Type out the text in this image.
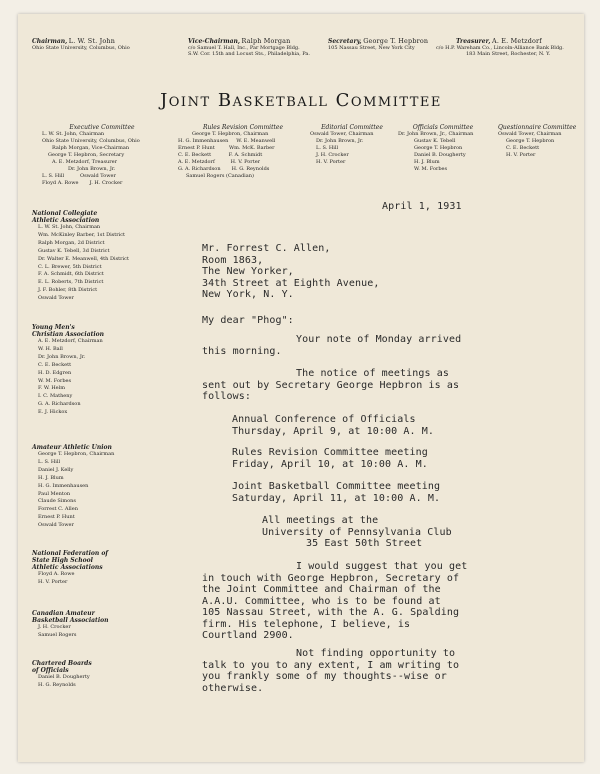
Chairman, L. W. St. John
Ohio State University, Columbus, Ohio
Vice-Chairman, Ralph Morgan
c/o Samuel T. Hall, Inc., Par Mortgage Bldg.
S.W. Cor. 15th and Locust Sts., Philadelphia, Pa.
Secretary, George T. Hepbron
105 Nassau Street, New York City
Treasurer, A. E. Metzdorf
c/o H.P. Wareham Co., Lincoln-Alliance Bank Bldg.
183 Main Street, Rochester, N. Y.
Joint Basketball Committee
Executive Committee
L. W. St. John, Chairman
Ohio State University, Columbus, Ohio
Ralph Morgan, Vice-Chairman
George T. Hepbron, Secretary
A. E. Metzdorf, Treasurer
Dr. John Brown, Jr.
L. S. Hill          Oswald Tower
Floyd A. Rowe       J. H. Crocker
Rules Revision Committee
George T. Hepbron, Chairman
H. G. Immenhausen     W. E. Meanwell
Ernest P. Hunt         Wm. McK. Barber
C. E. Beckett           F. A. Schmidt
A. E. Metzdorf          H. V. Porter
G. A. Richardson       H. G. Reynolds
Samuel Rogers (Canadian)
Editorial Committee
Oswald Tower, Chairman
Dr. John Brown, Jr.
L. S. Hill
J. H. Crocker
H. V. Porter
Officials Committee
Dr. John Brown, Jr., Chairman
Gustav K. Tebell
George T. Hepbron
Daniel B. Dougherty
H. J. Blum
W. M. Forbes
Questionnaire Committee
Oswald Tower, Chairman
George T. Hepbron
C. E. Beckett
H. V. Porter
National Collegiate
Athletic Association
L. W. St. John, Chairman
Wm. McKinley Barber, 1st District
Ralph Morgan, 2d District
Gustav K. Tebell, 3d District
Dr. Walter E. Meanwell, 4th District
C. L. Brewer, 5th District
F. A. Schmidt, 6th District
E. L. Roberts, 7th District
J. F. Bohler, 8th District
Oswald Tower
Young Men's
Christian Association
A. E. Metzdorf, Chairman
W. H. Ball
Dr. John Brown, Jr.
C. E. Beckett
H. D. Edgren
W. M. Forbes
F. W. Helm
I. C. Matheny
G. A. Richardson
E. J. Hickox
Amateur Athletic Union
George T. Hepbron, Chairman
L. S. Hill
Daniel J. Kelly
H. J. Blum
H. G. Immenhausen
Paul Menton
Claude Simons
Forrest C. Allen
Ernest P. Hunt
Oswald Tower
National Federation of
State High School
Athletic Associations
Floyd A. Rowe
H. V. Porter
Canadian Amateur
Basketball Association
J. H. Crocker
Samuel Rogers
Chartered Boards
of Officials
Daniel B. Dougherty
H. G. Reynolds
April 1, 1931
Mr. Forrest C. Allen,
Room 1863,
The New Yorker,
34th Street at Eighth Avenue,
New York, N. Y.
My dear "Phog":
Your note of Monday arrived
this morning.
The notice of meetings as
sent out by Secretary George Hepbron is as
follows:
Annual Conference of Officials
Thursday, April 9, at 10:00 A. M.
Rules Revision Committee meeting
Friday, April 10, at 10:00 A. M.
Joint Basketball Committee meeting
Saturday, April 11, at 10:00 A. M.
All meetings at the
University of Pennsylvania Club
35 East 50th Street
I would suggest that you get
in touch with George Hepbron, Secretary of
the Joint Committee and Chairman of the
A.A.U. Committee, who is to be found at
105 Nassau Street, with the A. G. Spalding
firm. His telephone, I believe, is
Courtland 2900.
Not finding opportunity to
talk to you to any extent, I am writing to
you frankly some of my thoughts--wise or
otherwise.
